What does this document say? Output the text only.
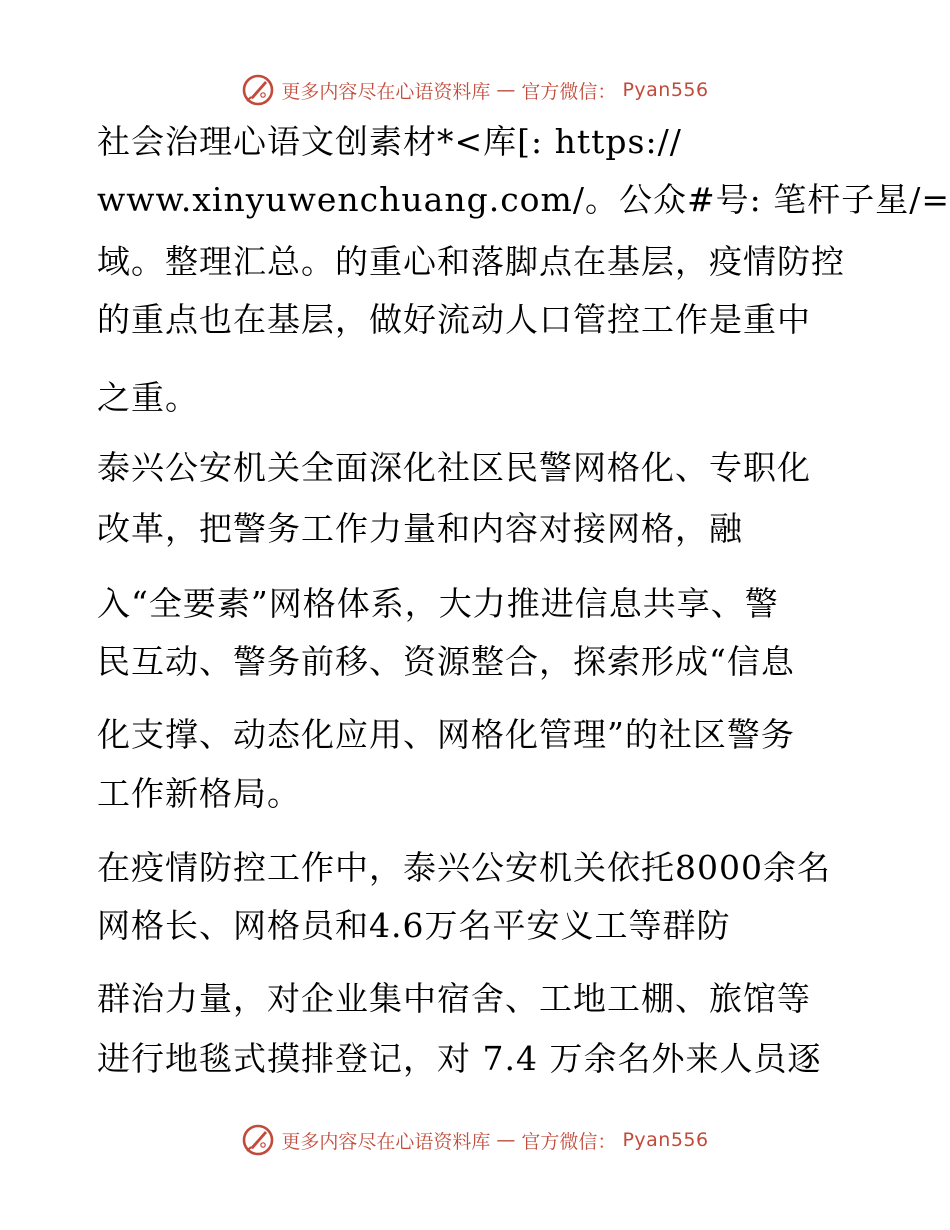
更多内容尽在心语资料库 — 官方微信： Pyan556
社会治理心语文创素材*<库[: https://
www.xinyuwenchuang.com/。公众#号: 笔杆子星/=
域。整理汇总。的重心和落脚点在基层，疫情防控
的重点也在基层，做好流动人口管控工作是重中
之重。
泰兴公安机关全面深化社区民警网格化、专职化
改革，把警务工作力量和内容对接网格，融
入“全要素”网格体系，大力推进信息共享、警
民互动、警务前移、资源整合，探索形成“信息
化支撑、动态化应用、网格化管理”的社区警务
工作新格局。
在疫情防控工作中，泰兴公安机关依托8000余名
网格长、网格员和4.6万名平安义工等群防
群治力量，对企业集中宿舍、工地工棚、旅馆等
进行地毯式摸排登记，对 7.4 万余名外来人员逐
更多内容尽在心语资料库 — 官方微信： Pyan556
